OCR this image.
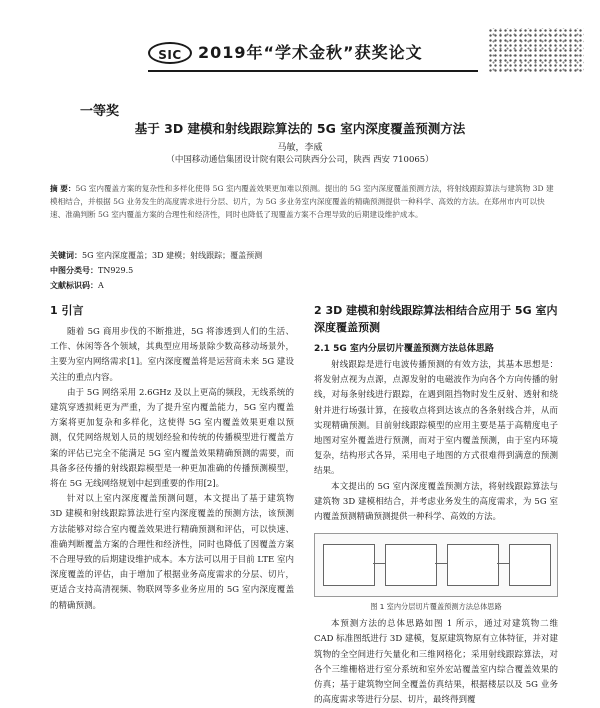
SIC	2019年“学术金秋”获奖论文
一等奖
基于 3D 建模和射线跟踪算法的 5G 室内深度覆盖预测方法
马敏，李威
（中国移动通信集团设计院有限公司陕西分公司，陕西 西安 710065）
摘 要：5G 室内覆盖方案的复杂性和多样化使得 5G 室内覆盖效果更加难以预测。提出的 5G 室内深度覆盖预测方法，将射线跟踪算法与建筑物 3D 建模相结合，并根据 5G 业务发生的高度需求进行分层、切片，为 5G 多业务室内深度覆盖的精确预测提供一种科学、高效的方法。在郑州市内可以快速、准确判断 5G 室内覆盖方案的合理性和经济性，同时也降低了现覆盖方案不合理导致的后期建设维护成本。
关键词：5G 室内深度覆盖；3D 建模；射线跟踪；覆盖预测
中图分类号：TN929.5
文献标识码：A
1 引言

随着 5G 商用步伐的不断推进，5G 将渗透到人们的生活、工作、休闲等各个领域，其典型应用场景除少数高移动场景外，主要为室内网络需求[1]。室内深度覆盖将是运营商未来 5G 建设关注的重点内容。

由于 5G 网络采用 2.6GHz 及以上更高的频段，无线系统的建筑穿透损耗更为严重，为了提升室内覆盖能力，5G 室内覆盖方案将更加复杂和多样化，这使得 5G 室内覆盖效果更难以预测，仅凭网络规划人员的规划经验和传统的传播模型进行覆盖方案的评估已完全不能满足 5G 室内覆盖效果精确预测的需要，而具备多径传播的射线跟踪模型是一种更加准确的传播预测模型，将在 5G 无线网络规划中起到重要的作用[2]。

针对以上室内深度覆盖预测问题，本文提出了基于建筑物 3D 建模和射线跟踪算法进行室内深度覆盖的预测方法，该预测方法能够对综合室内覆盖效果进行精确预测和评估，可以快速、准确判断覆盖方案的合理性和经济性，同时也降低了因覆盖方案不合理导致的后期建设维护成本。本方法可以用于目前 LTE 室内深度覆盖的评估，由于增加了根据业务高度需求的分层、切片，更适合支持高清视频、物联网等多业务应用的 5G 室内深度覆盖的精确预测。

2 3D 建模和射线跟踪算法相结合应用于 5G 室内深度覆盖预测
2.1 5G 室内分层切片覆盖预测方法总体思路

射线跟踪是进行电波传播预测的有效方法，其基本思想是：将发射点视为点源，点源发射的电磁波作为向各个方向传播的射线，对每条射线进行跟踪，在遇到阻挡物时发生反射、透射和绕射并进行场强计算，在接收点将到达该点的各条射线合并，从而实现精确预测。目前射线跟踪模型的应用主要是基于高精度电子地图对室外覆盖进行预测，而对于室内覆盖预测，由于室内环境复杂，结构形式各异，采用电子地图的方式很难得到满意的预测结果。

本文提出的 5G 室内深度覆盖预测方法，将射线跟踪算法与建筑物 3D 建模相结合，并考虑业务发生的高度需求，为 5G 室内覆盖预测精确预测提供一种科学、高效的方法。

图 1 室内分层切片覆盖预测方法总体思路

本预测方法的总体思路如图 1 所示，通过对建筑物二维 CAD 标准图纸进行 3D 建模，复原建筑物原有立体特征，并对建筑物的全空间进行矢量化和三维网格化；采用射线跟踪算法，对各个三维栅格进行室分系统和室外宏站覆盖室内综合覆盖效果的仿真；基于建筑物空间全覆盖仿真结果，根据楼层以及 5G 业务的高度需求等进行分层、切片，最终得到覆
